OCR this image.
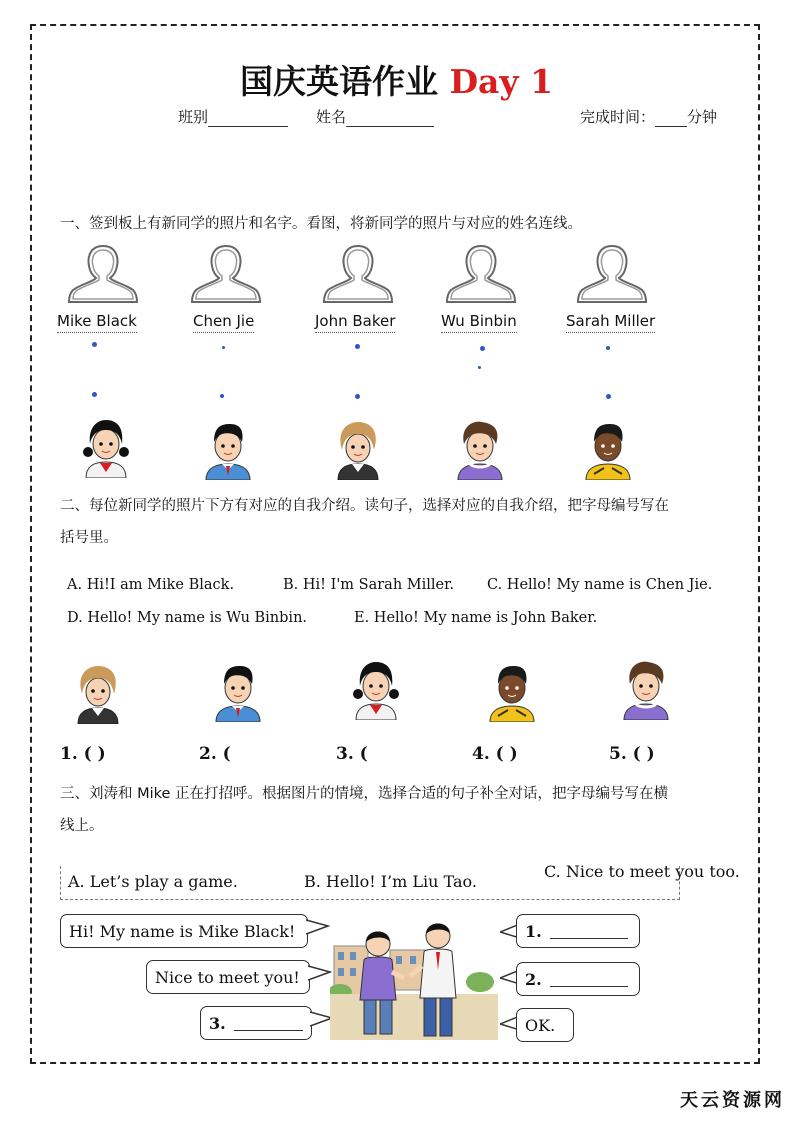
国庆英语作业 Day 1
班别	姓名	完成时间： 分钟
一、签到板上有新同学的照片和名字。看图，将新同学的照片与对应的姓名连线。
Mike Black	Chen Jie	John Baker	Wu Binbin	Sarah Miller
二、每位新同学的照片下方有对应的自我介绍。读句子，选择对应的自我介绍，把字母编号写在
括号里。
A. Hi!I am Mike Black.	B. Hi! I'm Sarah Miller. C. Hello! My name is Chen Jie.
D. Hello! My name is Wu Binbin.	E. Hello! My name is John Baker.
1. ( )	2. (	3. (	4. ( )	5. ( )
三、刘涛和 Mike 正在打招呼。根据图片的情境，选择合适的句子补全对话，把字母编号写在横
线上。
A. Let’s play a game.	B. Hello! I’m Liu Tao.
C. Nice to meet you too.
Hi! My name is Mike Black!
Nice to meet you!
3.
1.
2.
OK.
天云资源网
